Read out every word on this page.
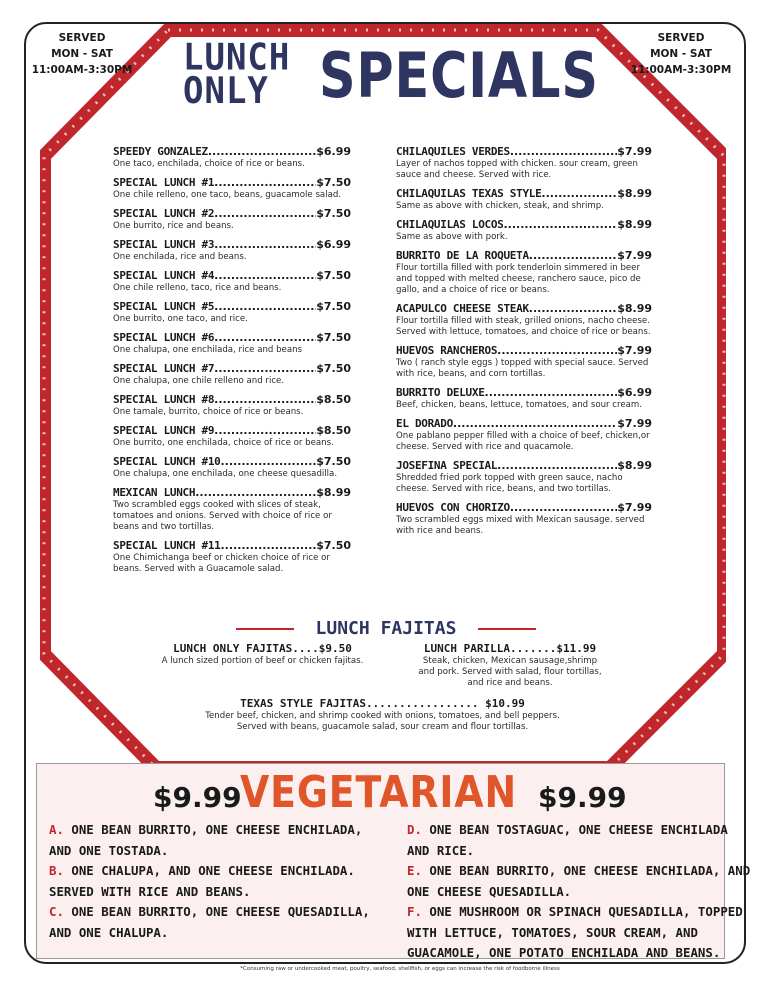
SERVED
MON - SAT
11:00AM-3:30PM
SERVED
MON - SAT
11:00AM-3:30PM
LUNCH
ONLY SPECIALS
SPEEDY GONZALEZ .....	$6.99
One taco, enchilada, choice of rice or beans.
SPECIAL LUNCH #1 .....	$7.50
One chile relleno, one taco, beans, guacamole salad.
SPECIAL LUNCH #2 .....	$7.50
One burrito, rice and beans.
SPECIAL LUNCH #3 .....	$6.99
One enchilada, rice and beans.
SPECIAL LUNCH #4 .....	$7.50
One chile relleno, taco, rice and beans.
SPECIAL LUNCH #5 .....	$7.50
One burrito, one taco, and rice.
SPECIAL LUNCH #6 .....	$7.50
One chalupa, one enchilada, rice and beans
SPECIAL LUNCH #7 .....	$7.50
One chalupa, one chile relleno and rice.
SPECIAL LUNCH #8 .....	$8.50
One tamale, burrito, choice of rice or beans.
SPECIAL LUNCH #9 .....	$8.50
One burrito, one enchilada, choice of rice or beans.
SPECIAL LUNCH #10 .....	$7.50
One chalupa, one enchilada, one cheese quesadilla.
MEXICAN LUNCH .....	$8.99
Two scrambled eggs cooked with slices of steak, tomatoes and onions. Served with choice of rice or beans and two tortillas.
SPECIAL LUNCH #11 .....	$7.50
One Chimichanga beef or chicken choice of rice or beans. Served with a Guacamole salad.
CHILAQUILES VERDES .....	$7.99
Layer of nachos topped with chicken. sour cream, green sauce and cheese. Served with rice.
CHILAQUILAS TEXAS STYLE .....	$8.99
Same as above with chicken, steak, and shrimp.
CHILAQUILAS LOCOS .....	$8.99
Same as above with pork.
BURRITO DE LA ROQUETA .....	$7.99
Flour tortilla filled with pork tenderloin simmered in beer and topped with melted cheese, ranchero sauce, pico de gallo, and a choice of rice or beans.
ACAPULCO CHEESE STEAK .....	$8.99
Flour tortilla filled with steak, grilled onions, nacho cheese. Served with lettuce, tomatoes, and choice of rice or beans.
HUEVOS RANCHEROS .....	$7.99
Two ( ranch style eggs ) topped with special sauce. Served with rice, beans, and corn tortillas.
BURRITO DELUXE .....	$6.99
Beef, chicken, beans, lettuce, tomatoes, and sour cream.
EL DORADO .....	$7.99
One pablano pepper filled with a choice of beef, chicken,or cheese. Served with rice and quacamole.
JOSEFINA SPECIAL .....	$8.99
Shredded fried pork topped with green sauce, nacho cheese. Served with rice, beans, and two tortillas.
HUEVOS CON CHORIZO .....	$7.99
Two scrambled eggs mixed with Mexican sausage. served with rice and beans.
LUNCH FAJITAS
LUNCH ONLY FAJITAS....$9.50
A lunch sized portion of beef or chicken fajitas.
LUNCH PARILLA.......$11.99
Steak, chicken, Mexican sausage,shrimp
and pork. Served with salad, flour tortillas,
and rice and beans.
TEXAS STYLE FAJITAS................. $10.99
Tender beef, chicken, and shrimp cooked with onions, tomatoes, and bell peppers.
Served with beans, guacamole salad, sour cream and flour tortillas.
$9.99
VEGETARIAN $9.99
A. ONE BEAN BURRITO, ONE CHEESE ENCHILADA,
AND ONE TOSTADA.
B. ONE CHALUPA, AND ONE CHEESE ENCHILADA.
SERVED WITH RICE AND BEANS.
C. ONE BEAN BURRITO, ONE CHEESE QUESADILLA,
AND ONE CHALUPA.
D. ONE BEAN TOSTAGUAC, ONE CHEESE ENCHILADA
AND RICE.
E. ONE BEAN BURRITO, ONE CHEESE ENCHILADA, AND
ONE CHEESE QUESADILLA.
F. ONE MUSHROOM OR SPINACH QUESADILLA, TOPPED
WITH LETTUCE, TOMATOES, SOUR CREAM, AND
GUACAMOLE, ONE POTATO ENCHILADA AND BEANS.
*Consuming raw or undercooked meat, poultry, seafood, shellfish, or eggs can increase the risk of foodborne illness
